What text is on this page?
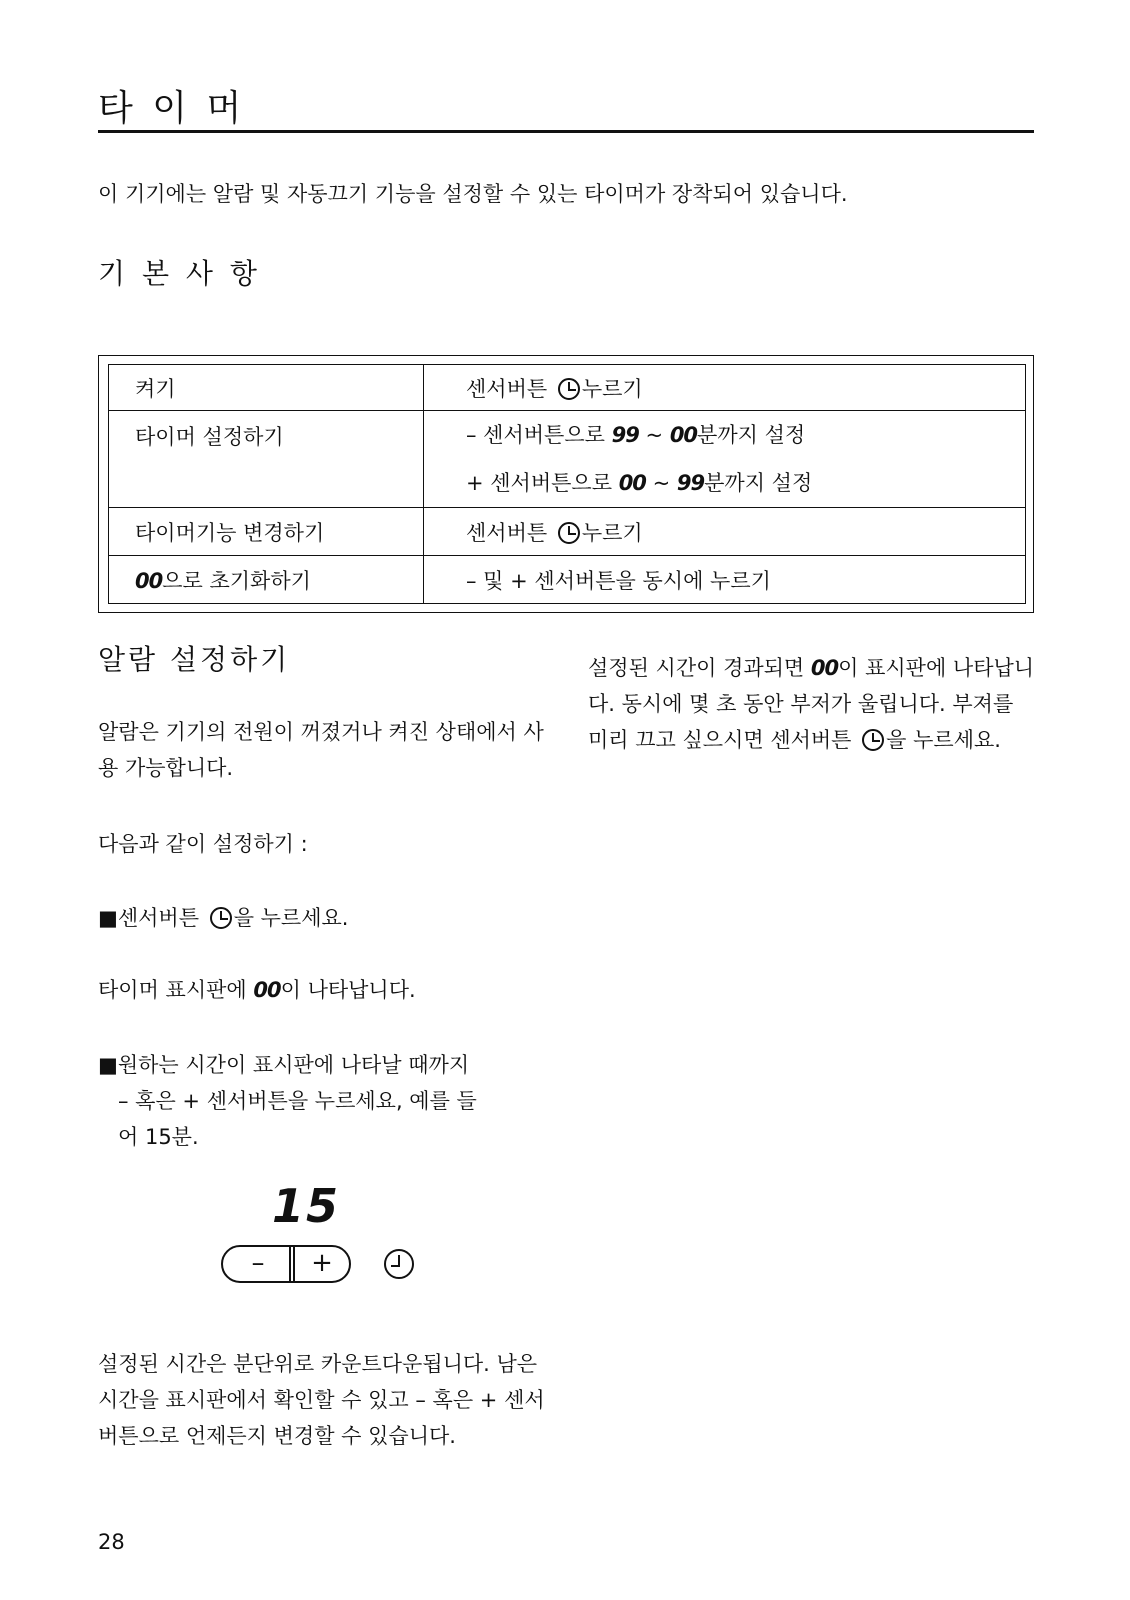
타 이 머
이 기기에는 알람 및 자동끄기 기능을 설정할 수 있는 타이머가 장착되어 있습니다.
기 본 사 항
켜기	센서버튼 누르기
타이머 설정하기	– 센서버튼으로 99 ~ 00분까지 설정
+ 센서버튼으로 00 ~ 99분까지 설정

타이머기능 변경하기	센서버튼 누르기
00으로 초기화하기	– 및 + 센서버튼을 동시에 누르기
알람 설정하기

알람은 기기의 전원이 꺼졌거나 켜진 상태에서 사용 가능합니다.

다음과 같이 설정하기 :

■센서버튼 을 누르세요.

타이머 표시판에 00이 나타납니다.

■원하는 시간이 표시판에 나타날 때까지

– 혹은 + 센서버튼을 누르세요, 예를 들

어 15분.

15
–	+

설정된 시간은 분단위로 카운트다운됩니다. 남은 시간을 표시판에서 확인할 수 있고 – 혹은 + 센서버튼으로 언제든지 변경할 수 있습니다.

설정된 시간이 경과되면 00이 표시판에 나타납니다. 동시에 몇 초 동안 부저가 울립니다. 부져를 미리 끄고 싶으시면 센서버튼 을 누르세요.

28
